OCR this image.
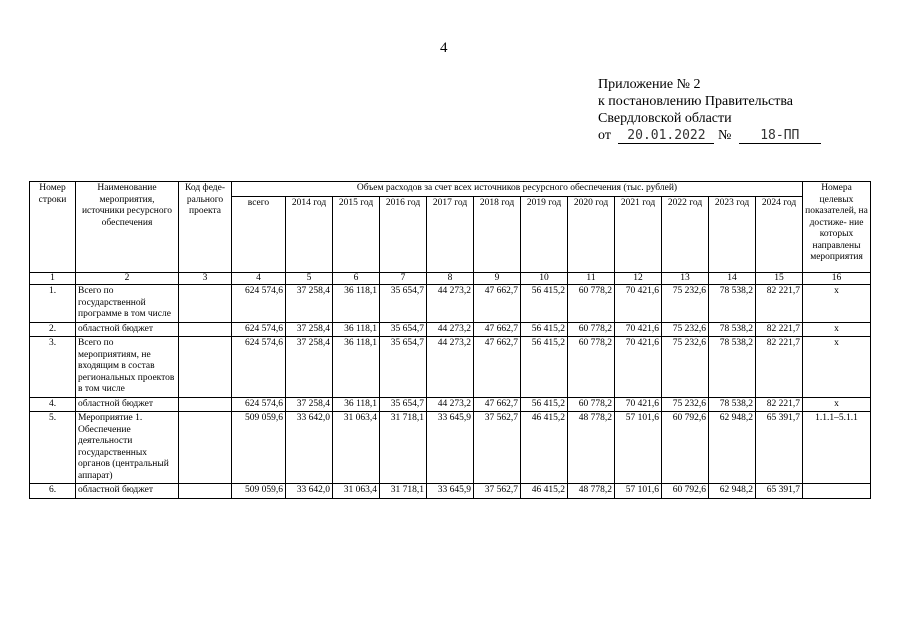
4
Приложение № 2
к постановлению Правительства
Свердловской области
от 20.01.2022 № 18-ПП
Номер строки	Наименование мероприятия, источники ресурсного обеспечения	Код феде- рального проекта	Объем расходов за счет всех источников ресурсного обеспечения (тыс. рублей)												Номера целевых показателей, на достиже- ние которых направлены мероприятия
			всего	2014 год	2015 год	2016 год	2017 год	2018 год	2019 год	2020 год	2021 год	2022 год	2023 год	2024 год	
1	2	3	4	5	6	7	8	9	10	11	12	13	14	15	16
1.	Всего по государственной программе в том числе		624 574,6	37 258,4	36 118,1	35 654,7	44 273,2	47 662,7	56 415,2	60 778,2	70 421,6	75 232,6	78 538,2	82 221,7	х
2.	областной бюджет		624 574,6	37 258,4	36 118,1	35 654,7	44 273,2	47 662,7	56 415,2	60 778,2	70 421,6	75 232,6	78 538,2	82 221,7	х
3.	Всего по мероприятиям, не входящим в состав региональных проектов в том числе		624 574,6	37 258,4	36 118,1	35 654,7	44 273,2	47 662,7	56 415,2	60 778,2	70 421,6	75 232,6	78 538,2	82 221,7	х
4.	областной бюджет		624 574,6	37 258,4	36 118,1	35 654,7	44 273,2	47 662,7	56 415,2	60 778,2	70 421,6	75 232,6	78 538,2	82 221,7	х
5.	Мероприятие 1. Обеспечение деятельности государственных органов (центральный аппарат)		509 059,6	33 642,0	31 063,4	31 718,1	33 645,9	37 562,7	46 415,2	48 778,2	57 101,6	60 792,6	62 948,2	65 391,7	1.1.1–5.1.1
6.	областной бюджет		509 059,6	33 642,0	31 063,4	31 718,1	33 645,9	37 562,7	46 415,2	48 778,2	57 101,6	60 792,6	62 948,2	65 391,7	
